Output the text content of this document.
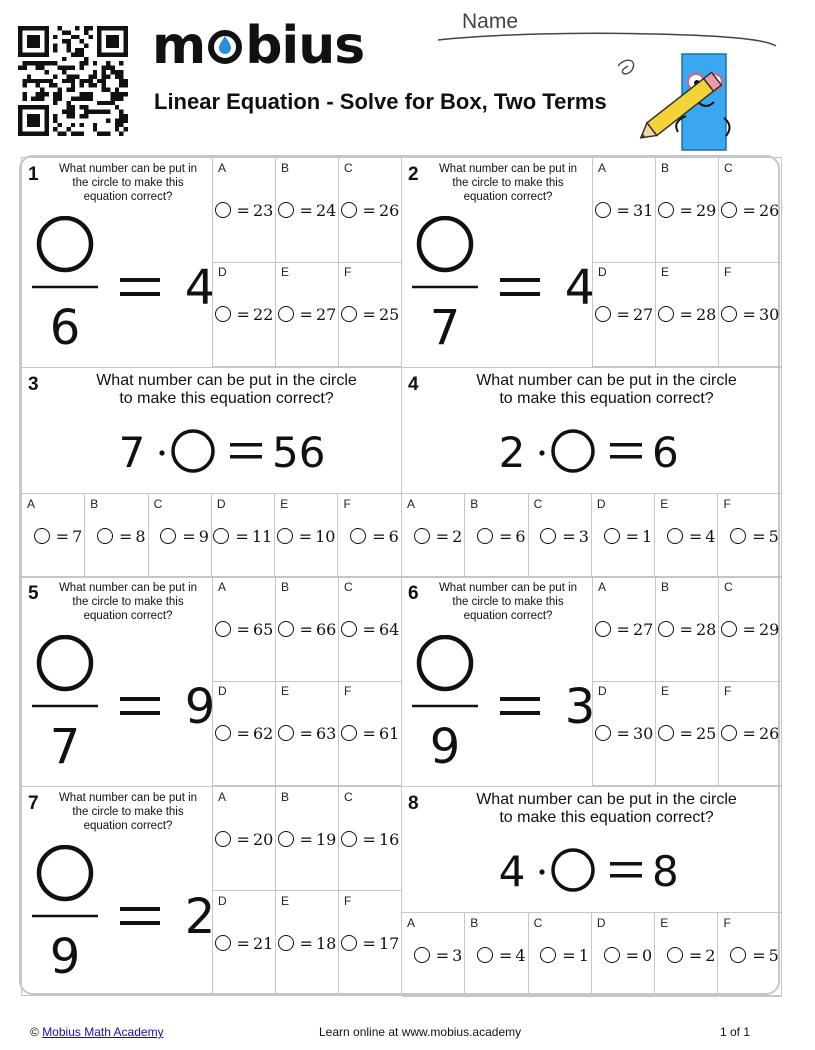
m bius
Linear Equation - Solve for Box, Two Terms
Name
1 What number can be put in
the circle to make this
equation correct?
6
4
A
= 23
B
= 24
C
= 26
D
= 22
E
= 27
F
= 25
2 What number can be put in
the circle to make this
equation correct?
7
4
A
= 31
B
= 29
C
= 26
D
= 27
E
= 28
F
= 30
3	What number can be put in the circle
to make this equation correct?
7	56
A
= 7
B
= 8
C
= 9
D
= 11
E
= 10
F
= 6
4	What number can be put in the circle
to make this equation correct?
2	6
A
= 2
B
= 6
C
= 3
D
= 1
E
= 4
F
= 5
5 What number can be put in
the circle to make this
equation correct?
7
9
A
= 65
B
= 66
C
= 64
D
= 62
E
= 63
F
= 61
6 What number can be put in
the circle to make this
equation correct?
9
3
A
= 27
B
= 28
C
= 29
D
= 30
E
= 25
F
= 26
7 What number can be put in
the circle to make this
equation correct?
9
2
A
= 20
B
= 19
C
= 16
D
= 21
E
= 18
F
= 17
8	What number can be put in the circle
to make this equation correct?
4	8
A
= 3
B
= 4
C
= 1
D
= 0
E
= 2
F
= 5
© Mobius Math Academy	Learn online at www.mobius.academy	1 of 1
